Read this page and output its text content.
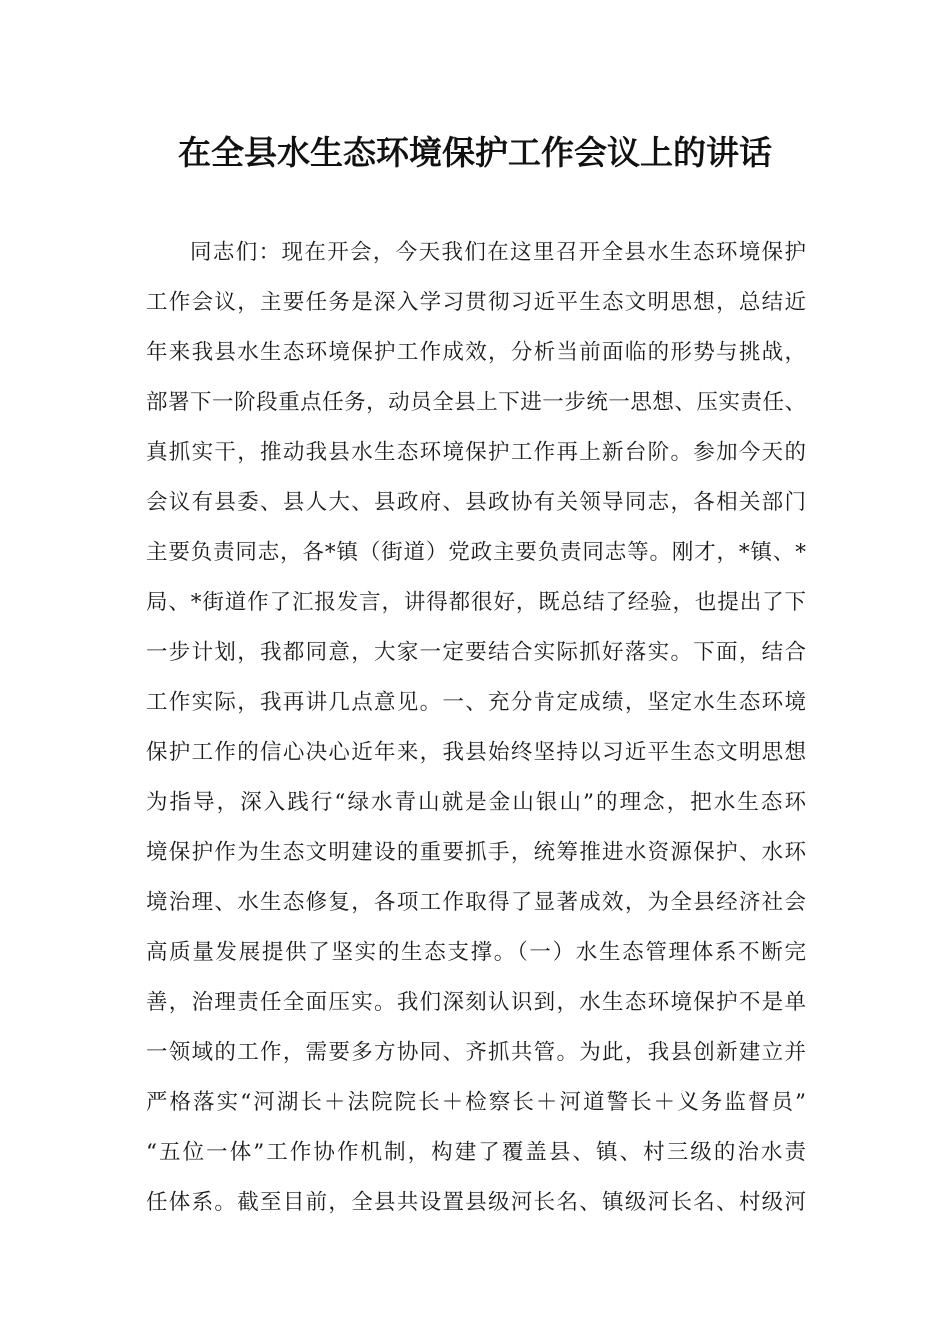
在全县水生态环境保护工作会议上的讲话
同志们：现在开会，今天我们在这里召开全县水生态环境保护
工作会议，主要任务是深入学习贯彻习近平生态文明思想，总结近
年来我县水生态环境保护工作成效，分析当前面临的形势与挑战，
部署下一阶段重点任务，动员全县上下进一步统一思想、压实责任、
真抓实干，推动我县水生态环境保护工作再上新台阶。参加今天的
会议有县委、县人大、县政府、县政协有关领导同志，各相关部门
主要负责同志，各*镇（街道）党政主要负责同志等。刚才，*镇、*
局、*街道作了汇报发言，讲得都很好，既总结了经验，也提出了下
一步计划，我都同意，大家一定要结合实际抓好落实。下面，结合
工作实际，我再讲几点意见。一、充分肯定成绩，坚定水生态环境
保护工作的信心决心近年来，我县始终坚持以习近平生态文明思想
为指导，深入践行“绿水青山就是金山银山”的理念，把水生态环
境保护作为生态文明建设的重要抓手，统筹推进水资源保护、水环
境治理、水生态修复，各项工作取得了显著成效，为全县经济社会
高质量发展提供了坚实的生态支撑。（一）水生态管理体系不断完
善，治理责任全面压实。我们深刻认识到，水生态环境保护不是单
一领域的工作，需要多方协同、齐抓共管。为此，我县创新建立并
严格落实“河湖长＋法院院长＋检察长＋河道警长＋义务监督员”
“五位一体”工作协作机制，构建了覆盖县、镇、村三级的治水责
任体系。截至目前，全县共设置县级河长名、镇级河长名、村级河
